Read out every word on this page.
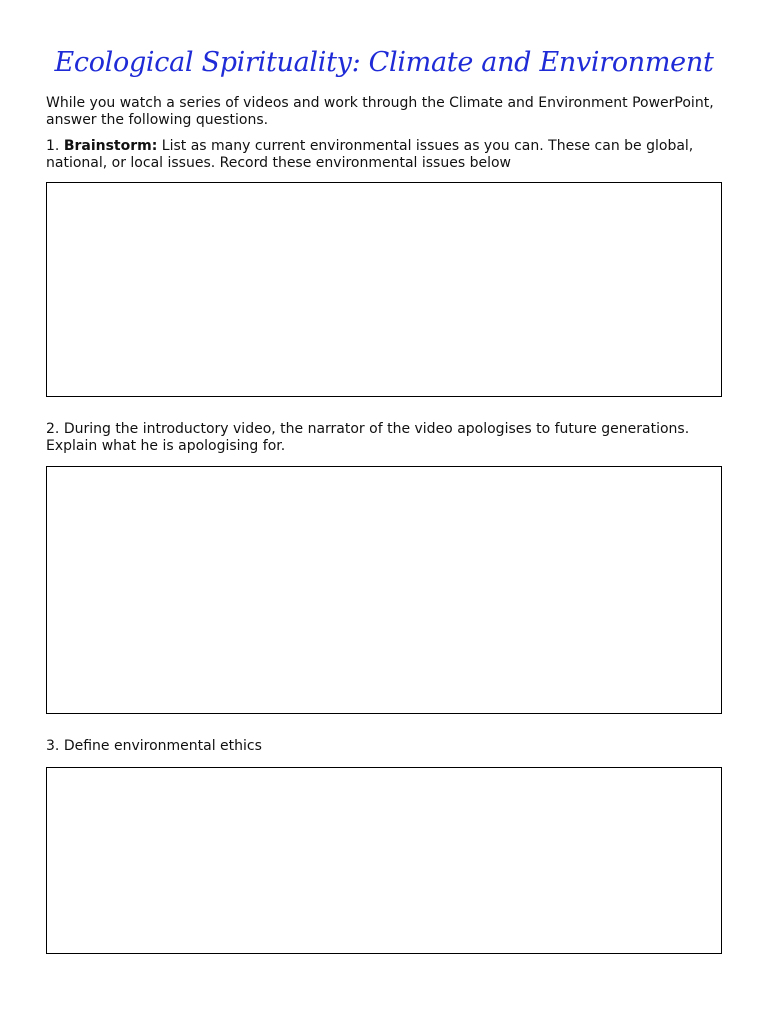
Ecological Spirituality: Climate and Environment
While you watch a series of videos and work through the Climate and Environment PowerPoint, answer the following questions.
1. Brainstorm: List as many current environmental issues as you can. These can be global, national, or local issues. Record these environmental issues below
2. During the introductory video, the narrator of the video apologises to future generations. Explain what he is apologising for.
3. Define environmental ethics
